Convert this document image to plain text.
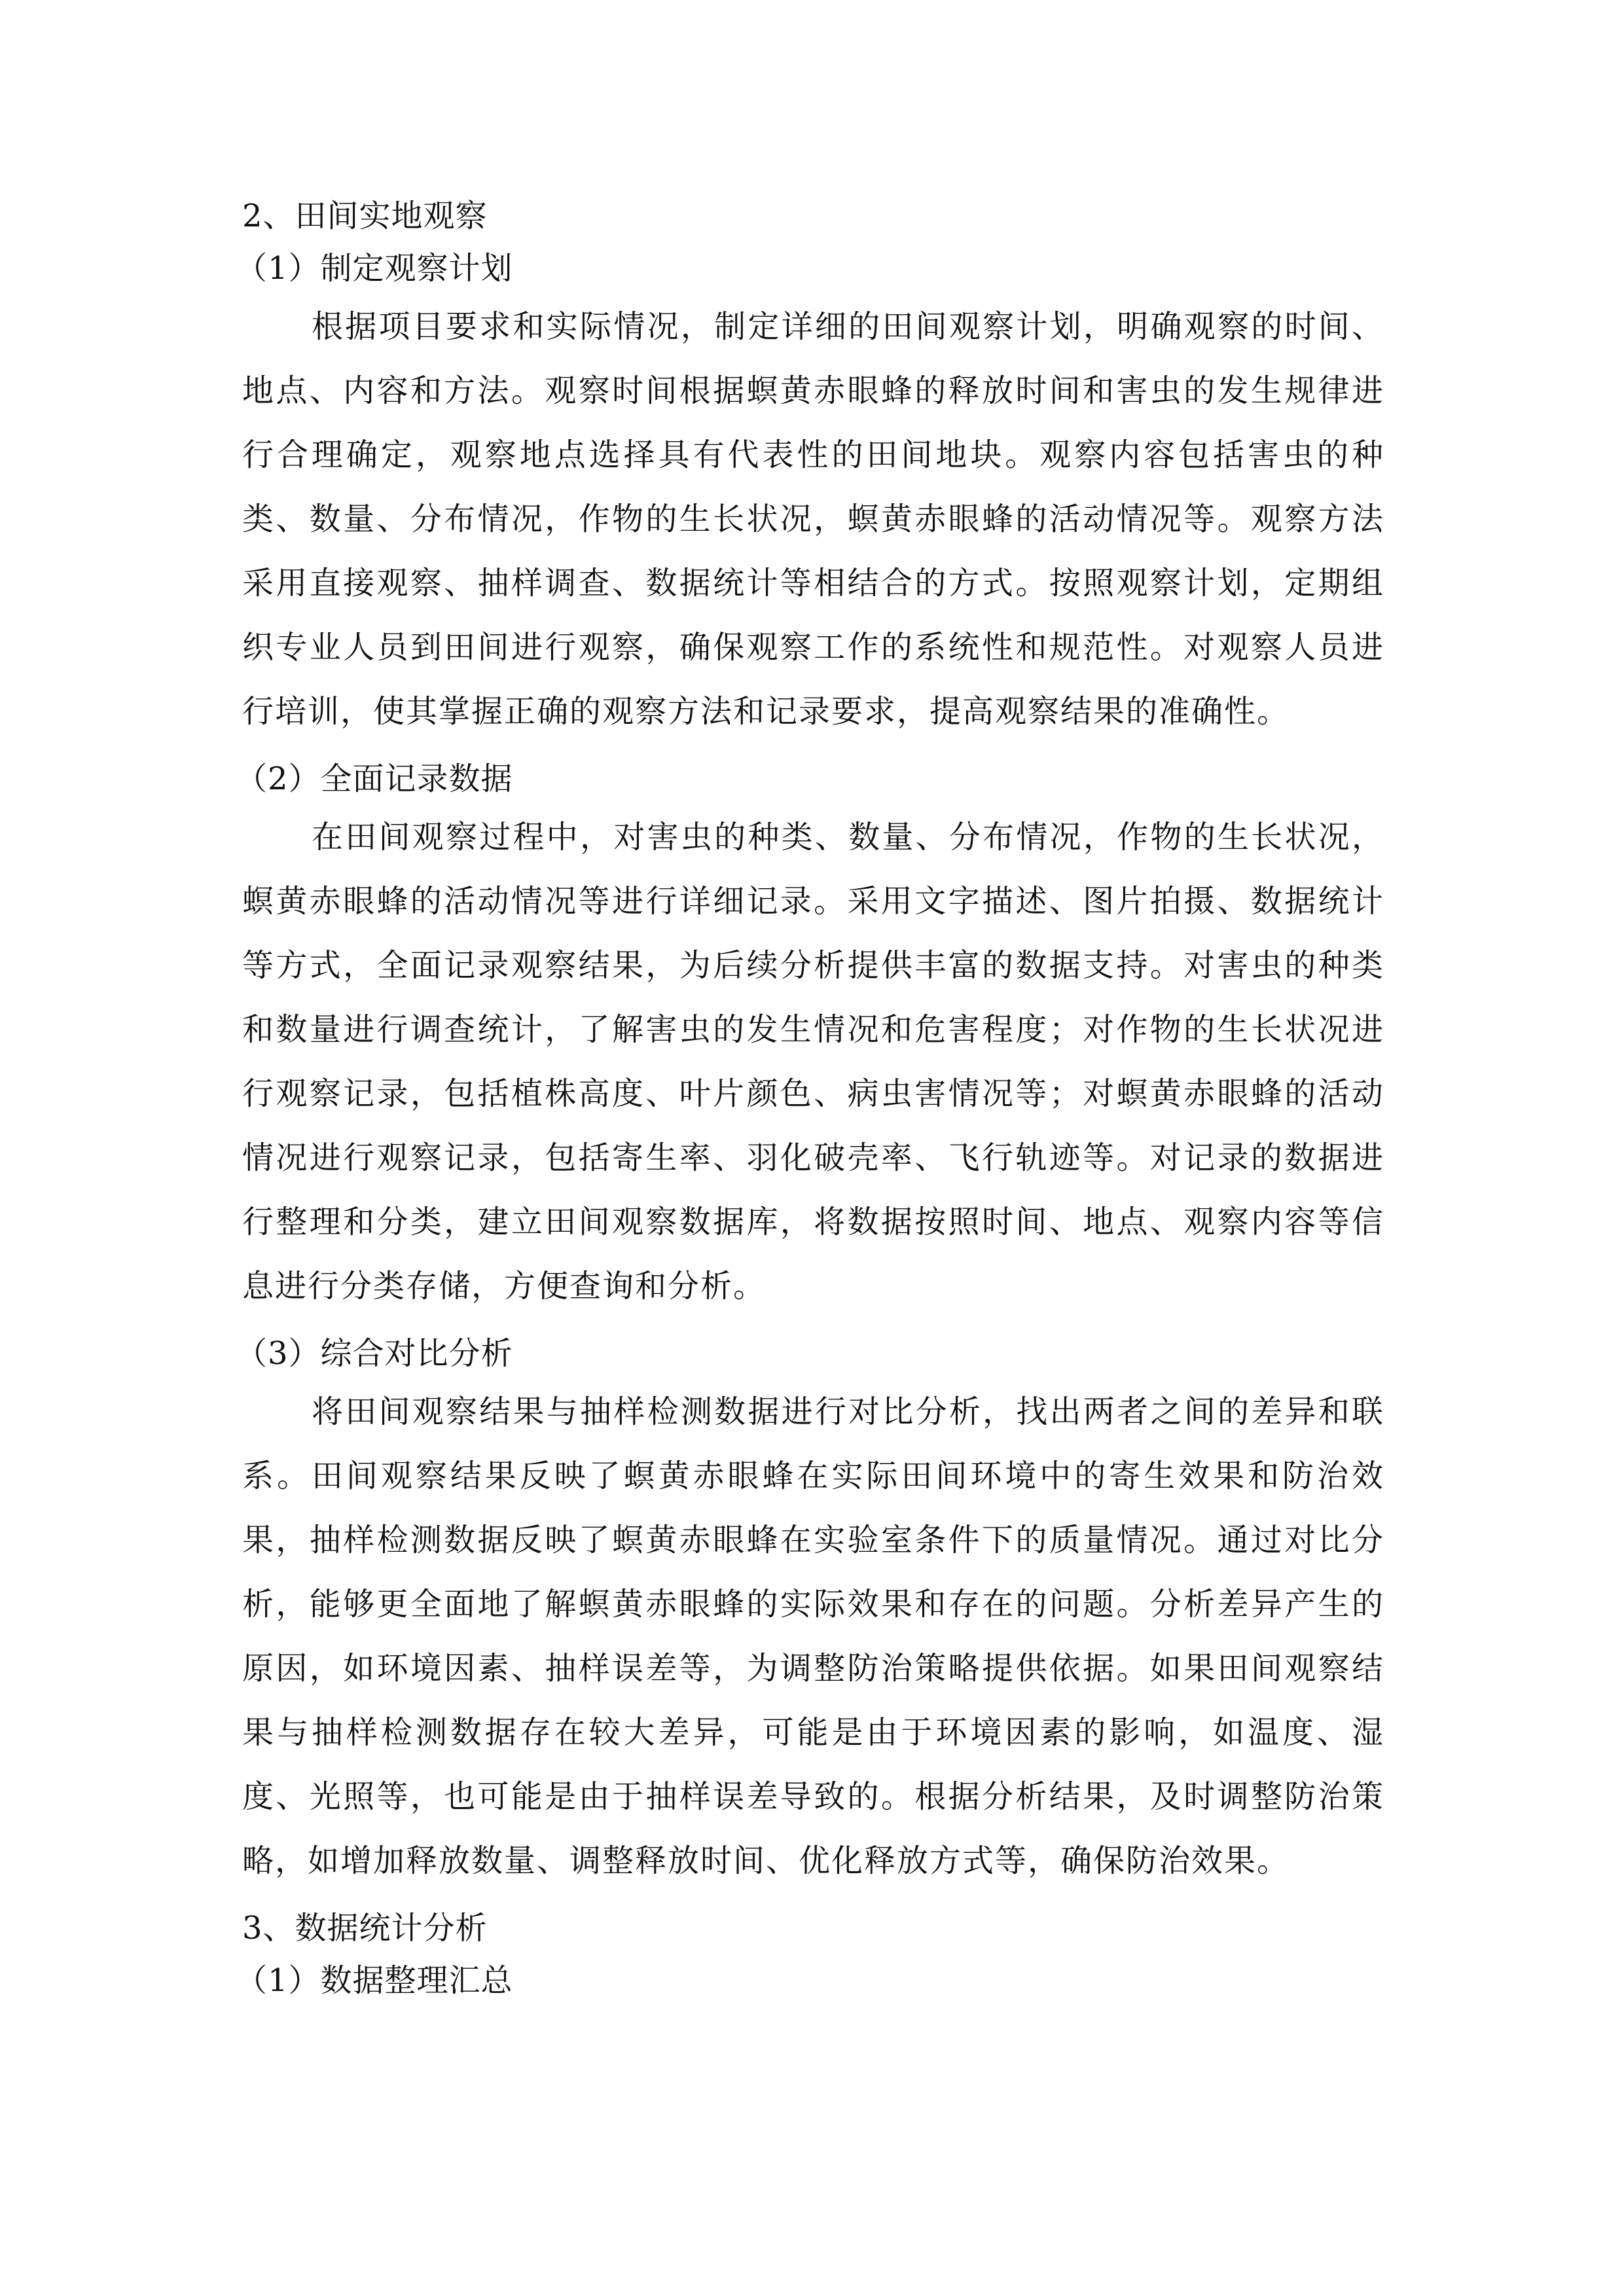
2、田间实地观察
（1）制定观察计划

根据项目要求和实际情况，制定详细的田间观察计划，明确观察的时间、地点、内容和方法。观察时间根据螟黄赤眼蜂的释放时间和害虫的发生规律进行合理确定，观察地点选择具有代表性的田间地块。观察内容包括害虫的种类、数量、分布情况，作物的生长状况，螟黄赤眼蜂的活动情况等。观察方法采用直接观察、抽样调查、数据统计等相结合的方式。按照观察计划，定期组织专业人员到田间进行观察，确保观察工作的系统性和规范性。对观察人员进行培训，使其掌握正确的观察方法和记录要求，提高观察结果的准确性。

（2）全面记录数据

在田间观察过程中，对害虫的种类、数量、分布情况，作物的生长状况，螟黄赤眼蜂的活动情况等进行详细记录。采用文字描述、图片拍摄、数据统计等方式，全面记录观察结果，为后续分析提供丰富的数据支持。对害虫的种类和数量进行调查统计，了解害虫的发生情况和危害程度；对作物的生长状况进行观察记录，包括植株高度、叶片颜色、病虫害情况等；对螟黄赤眼蜂的活动情况进行观察记录，包括寄生率、羽化破壳率、飞行轨迹等。对记录的数据进行整理和分类，建立田间观察数据库，将数据按照时间、地点、观察内容等信息进行分类存储，方便查询和分析。

（3）综合对比分析

将田间观察结果与抽样检测数据进行对比分析，找出两者之间的差异和联系。田间观察结果反映了螟黄赤眼蜂在实际田间环境中的寄生效果和防治效果，抽样检测数据反映了螟黄赤眼蜂在实验室条件下的质量情况。通过对比分析，能够更全面地了解螟黄赤眼蜂的实际效果和存在的问题。分析差异产生的原因，如环境因素、抽样误差等，为调整防治策略提供依据。如果田间观察结果与抽样检测数据存在较大差异，可能是由于环境因素的影响，如温度、湿度、光照等，也可能是由于抽样误差导致的。根据分析结果，及时调整防治策略，如增加释放数量、调整释放时间、优化释放方式等，确保防治效果。

3、数据统计分析
（1）数据整理汇总
